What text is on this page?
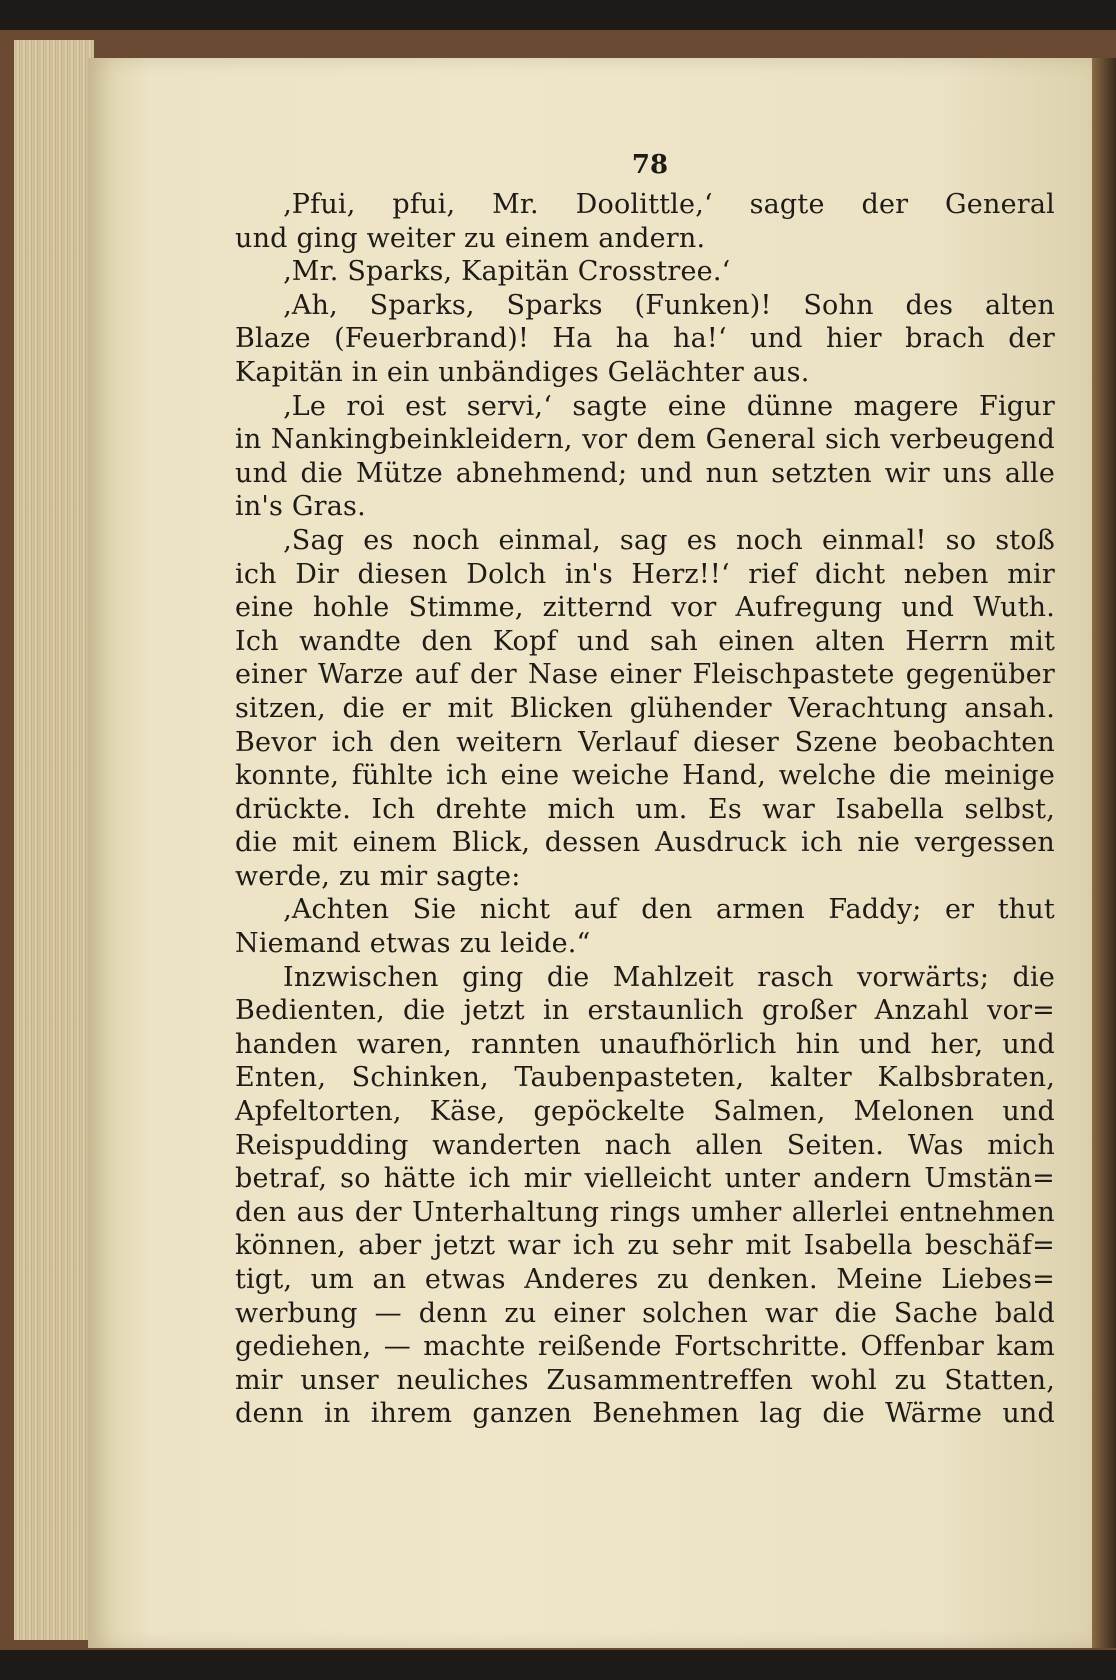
78
‚Pfui, pfui, Mr. Doolittle,‘ sagte der General
und ging weiter zu einem andern.
‚Mr. Sparks, Kapitän Crosstree.‘
‚Ah, Sparks, Sparks (Funken)! Sohn des alten
Blaze (Feuerbrand)! Ha ha ha!‘ und hier brach der
Kapitän in ein unbändiges Gelächter aus.
‚Le roi est servi,‘ sagte eine dünne magere Figur
in Nankingbeinkleidern, vor dem General sich verbeugend
und die Mütze abnehmend; und nun setzten wir uns alle
in's Gras.
‚Sag es noch einmal, sag es noch einmal! so stoß
ich Dir diesen Dolch in's Herz!!‘ rief dicht neben mir
eine hohle Stimme, zitternd vor Aufregung und Wuth.
Ich wandte den Kopf und sah einen alten Herrn mit
einer Warze auf der Nase einer Fleischpastete gegenüber
sitzen, die er mit Blicken glühender Verachtung ansah.
Bevor ich den weitern Verlauf dieser Szene beobachten
konnte, fühlte ich eine weiche Hand, welche die meinige
drückte. Ich drehte mich um. Es war Isabella selbst,
die mit einem Blick, dessen Ausdruck ich nie vergessen
werde, zu mir sagte:
‚Achten Sie nicht auf den armen Faddy; er thut
Niemand etwas zu leide.“
Inzwischen ging die Mahlzeit rasch vorwärts; die
Bedienten, die jetzt in erstaunlich großer Anzahl vor=
handen waren, rannten unaufhörlich hin und her, und
Enten, Schinken, Taubenpasteten, kalter Kalbsbraten,
Apfeltorten, Käse, gepöckelte Salmen, Melonen und
Reispudding wanderten nach allen Seiten. Was mich
betraf, so hätte ich mir vielleicht unter andern Umstän=
den aus der Unterhaltung rings umher allerlei entnehmen
können, aber jetzt war ich zu sehr mit Isabella beschäf=
tigt, um an etwas Anderes zu denken. Meine Liebes=
werbung — denn zu einer solchen war die Sache bald
gediehen, — machte reißende Fortschritte. Offenbar kam
mir unser neuliches Zusammentreffen wohl zu Statten,
denn in ihrem ganzen Benehmen lag die Wärme und
